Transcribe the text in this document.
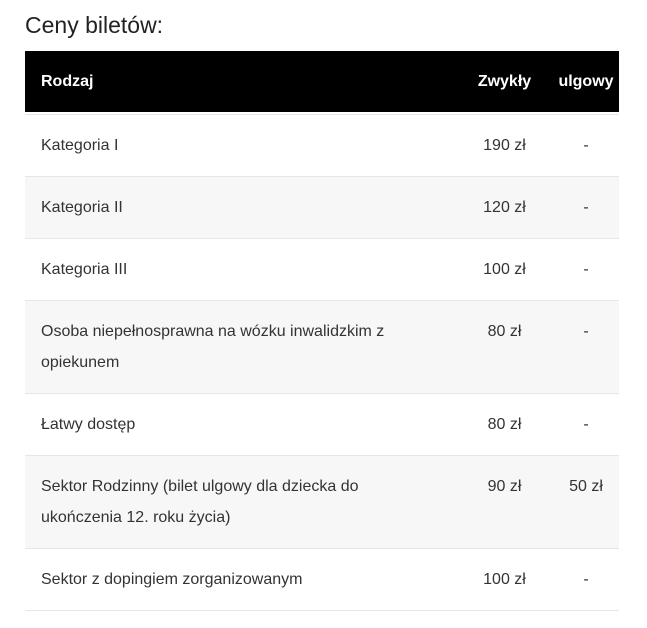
Ceny biletów:
Rodzaj	Zwykły	ulgowy

Kategoria I	190 zł	-
Kategoria II	120 zł	-
Kategoria III	100 zł	-
Osoba niepełnosprawna na wózku inwalidzkim z opiekunem	80 zł	-
Łatwy dostęp	80 zł	-
Sektor Rodzinny (bilet ulgowy dla dziecka do ukończenia 12. roku życia)	90 zł	50 zł
Sektor z dopingiem zorganizowanym	100 zł	-
